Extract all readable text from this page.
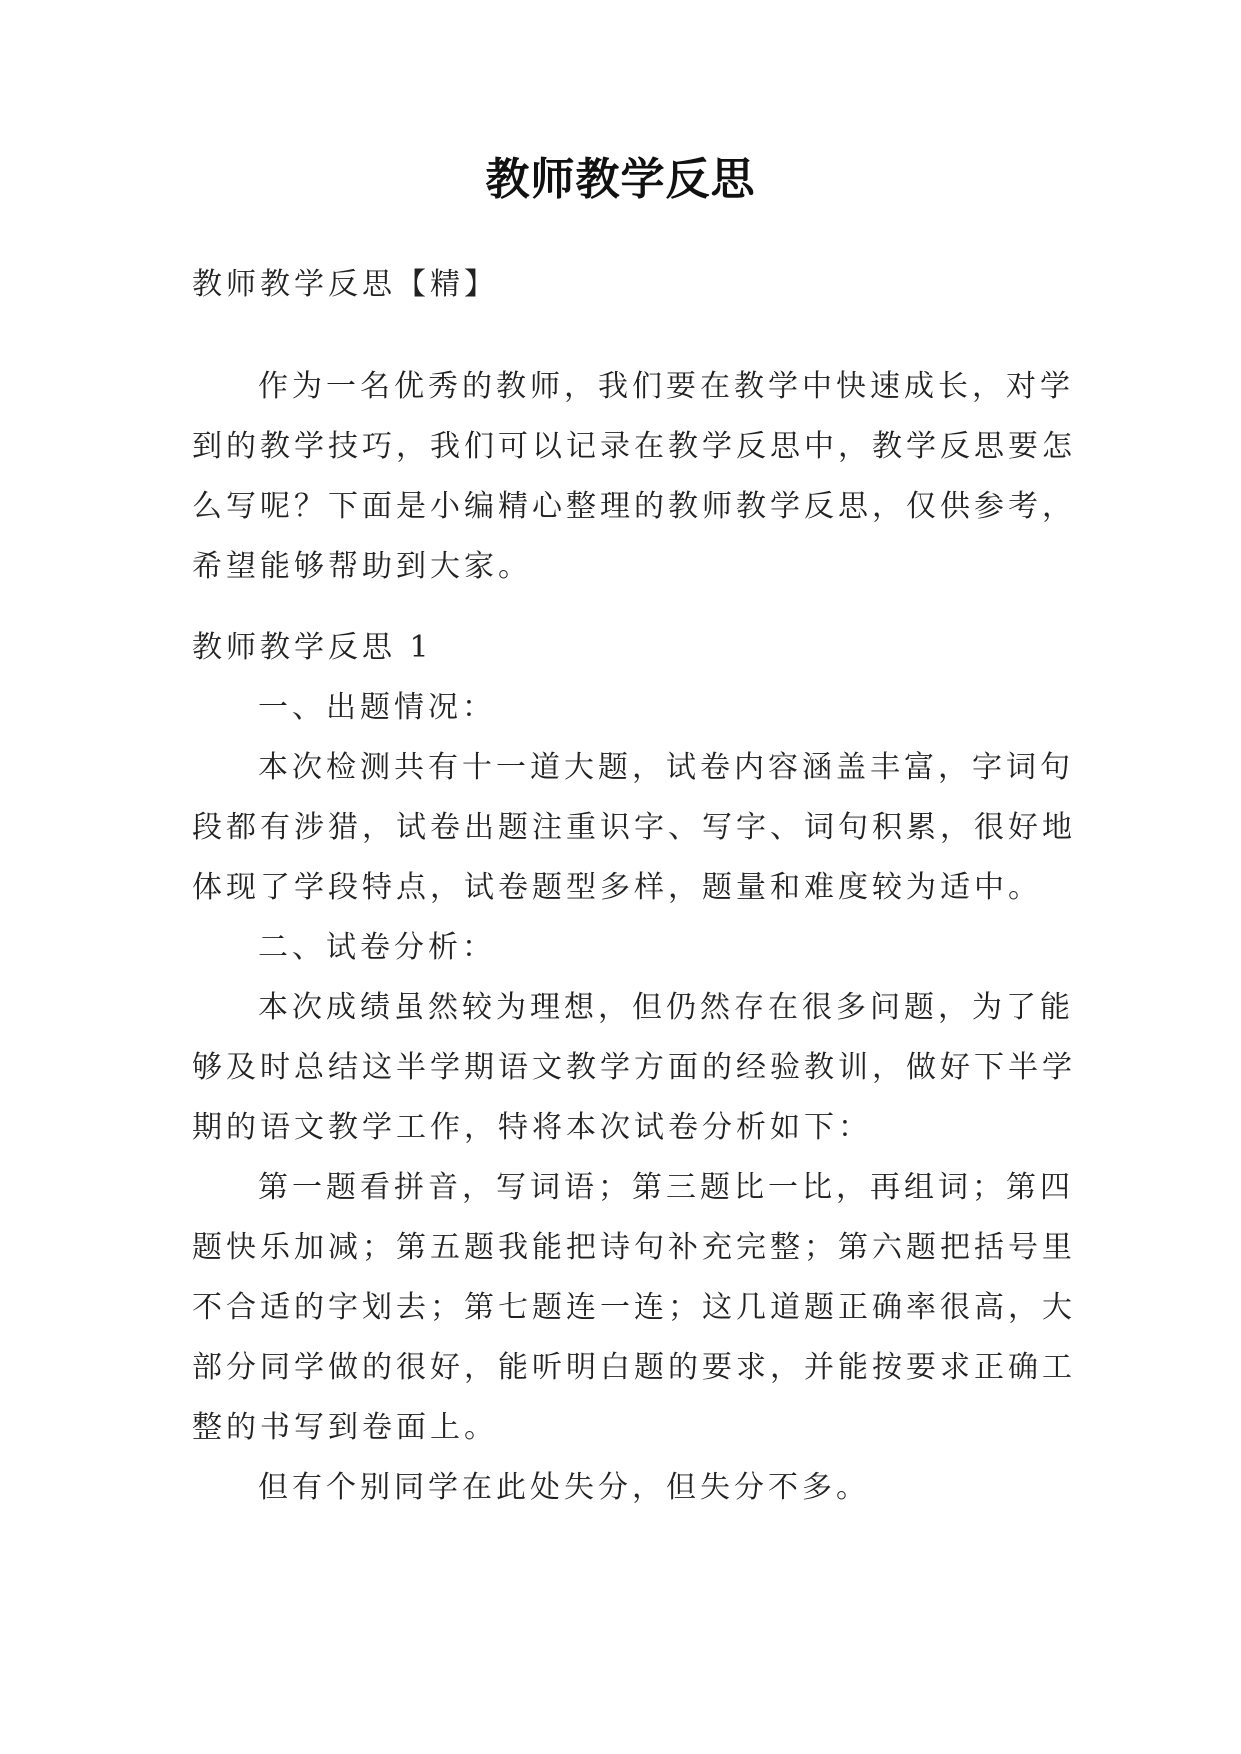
教师教学反思
教师教学反思【精】
作为一名优秀的教师，我们要在教学中快速成长，对学
到的教学技巧，我们可以记录在教学反思中，教学反思要怎
么写呢？下面是小编精心整理的教师教学反思，仅供参考，
希望能够帮助到大家。
教师教学反思 1
一、出题情况：
本次检测共有十一道大题，试卷内容涵盖丰富，字词句
段都有涉猎，试卷出题注重识字、写字、词句积累，很好地
体现了学段特点，试卷题型多样，题量和难度较为适中。
二、试卷分析：
本次成绩虽然较为理想，但仍然存在很多问题，为了能
够及时总结这半学期语文教学方面的经验教训，做好下半学
期的语文教学工作，特将本次试卷分析如下：
第一题看拼音，写词语；第三题比一比，再组词；第四
题快乐加减；第五题我能把诗句补充完整；第六题把括号里
不合适的字划去；第七题连一连；这几道题正确率很高，大
部分同学做的很好，能听明白题的要求，并能按要求正确工
整的书写到卷面上。
但有个别同学在此处失分，但失分不多。
